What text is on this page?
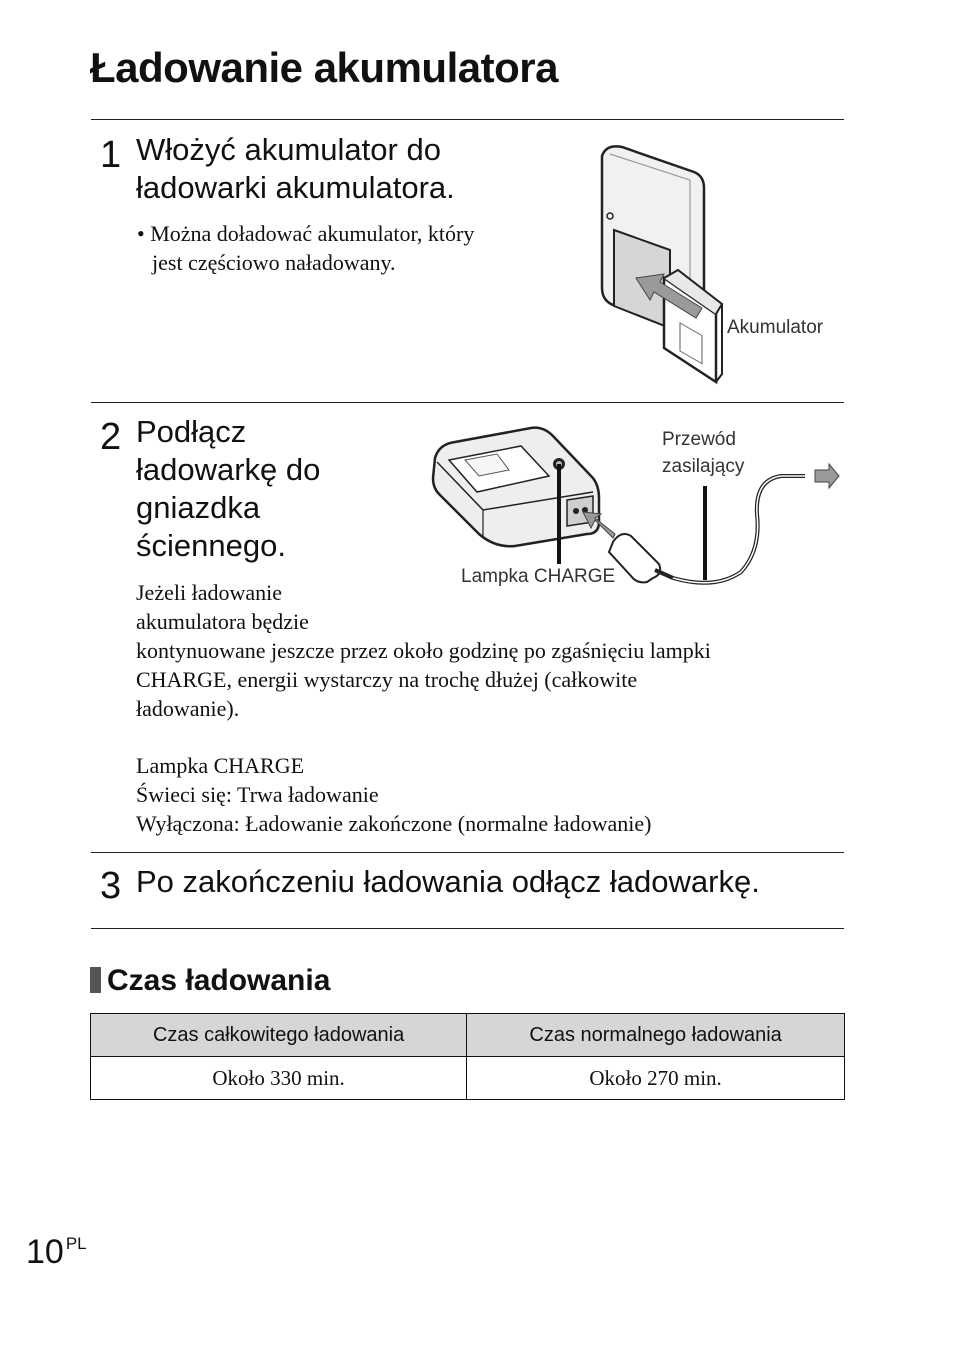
Ładowanie akumulatora
1 Włożyć akumulator do
ładowarki akumulatora.
• Można doładować akumulator, który
jest częściowo naładowany.
Akumulator
2 Podłącz
ładowarkę do
gniazdka
ściennego.
Przewód
zasilający
Lampka CHARGE
Jeżeli ładowanie
akumulatora będzie
kontynuowane jeszcze przez około godzinę po zgaśnięciu lampki
CHARGE, energii wystarczy na trochę dłużej (całkowite
ładowanie).
Lampka CHARGE
Świeci się: Trwa ładowanie
Wyłączona: Ładowanie zakończone (normalne ładowanie)
3 Po zakończeniu ładowania odłącz ładowarkę.
Czas ładowania
Czas całkowitego ładowania	Czas normalnego ładowania
Około 330 min.	Około 270 min.
10 $^{PL}$
